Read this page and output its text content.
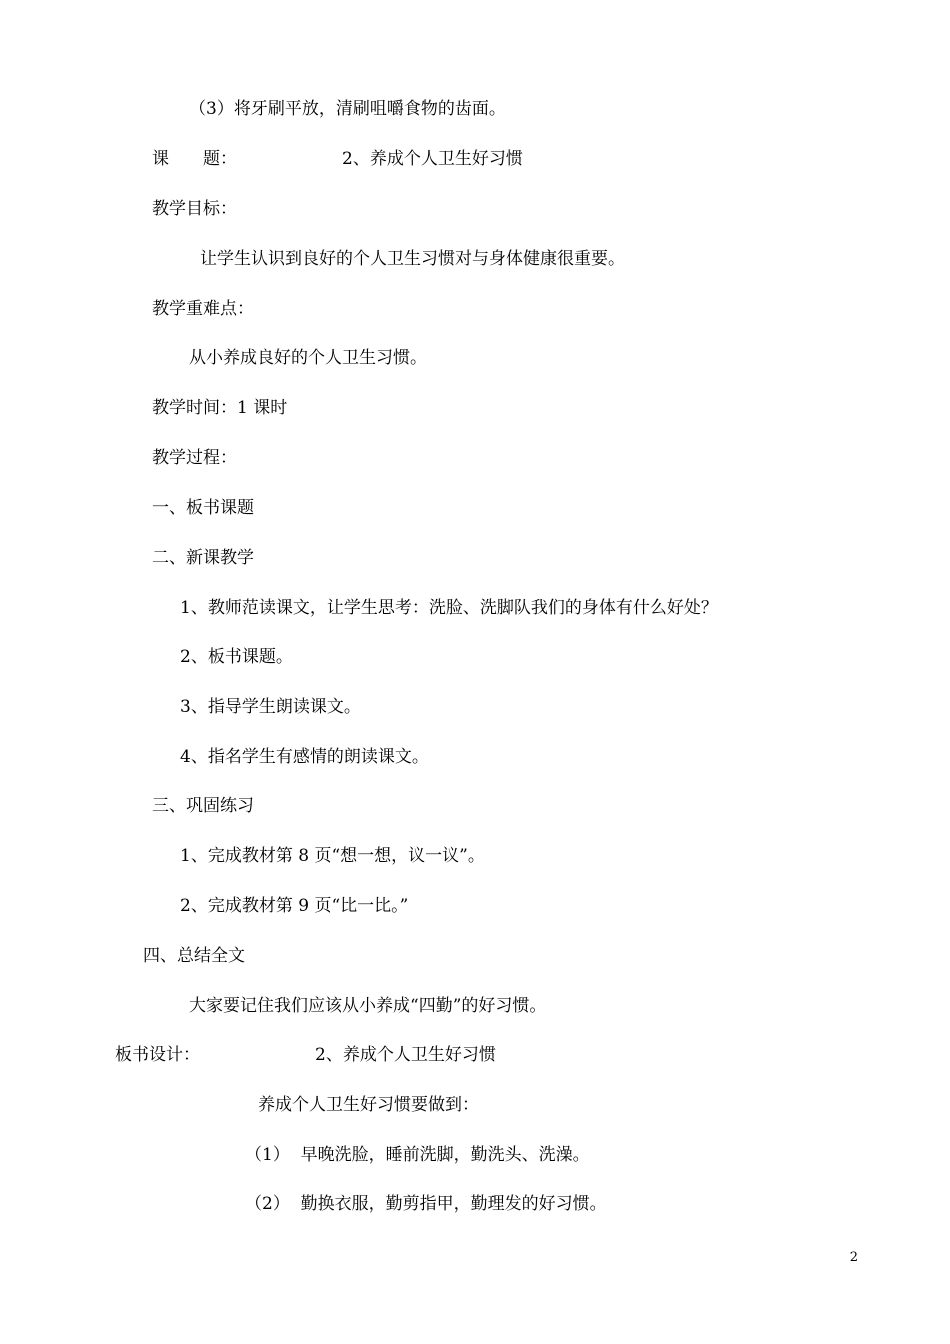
（3）将牙刷平放，清刷咀嚼食物的齿面。
课　　题：	2、养成个人卫生好习惯
教学目标：
让学生认识到良好的个人卫生习惯对与身体健康很重要。
教学重难点：
从小养成良好的个人卫生习惯。
教学时间：1 课时
教学过程：
一、板书课题
二、新课教学
1、教师范读课文，让学生思考：洗脸、洗脚队我们的身体有什么好处？
2、板书课题。
3、指导学生朗读课文。
4、指名学生有感情的朗读课文。
三、巩固练习
1、完成教材第 8 页“想一想，议一议”。
2、完成教材第 9 页“比一比。”
四、总结全文
大家要记住我们应该从小养成“四勤”的好习惯。
板书设计：	2、养成个人卫生好习惯
养成个人卫生好习惯要做到：
（1）  早晚洗脸，睡前洗脚，勤洗头、洗澡。
（2）  勤换衣服，勤剪指甲，勤理发的好习惯。
2
